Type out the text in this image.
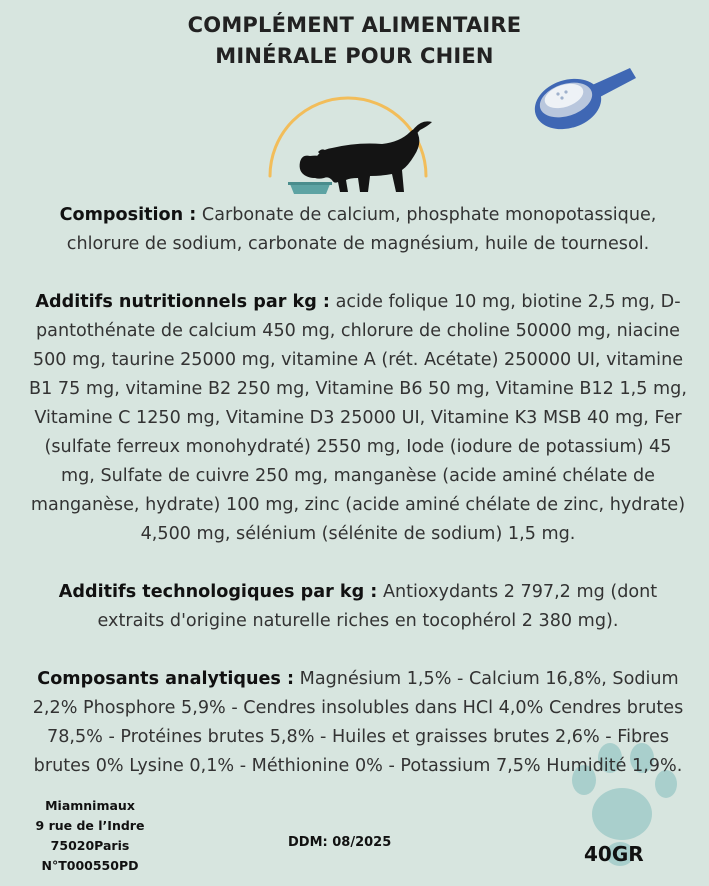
COMPLÉMENT ALIMENTAIRE
MINÉRALE POUR CHIEN

Composition : Carbonate de calcium, phosphate monopotassique, chlorure de sodium, carbonate de magnésium, huile de tournesol.

Additifs nutritionnels par kg : acide folique 10 mg, biotine 2,5 mg, D-pantothénate de calcium 450 mg, chlorure de choline 50000 mg, niacine 500 mg, taurine 25000 mg, vitamine A (rét. Acétate) 250000 UI, vitamine B1 75 mg, vitamine B2 250 mg, Vitamine B6 50 mg, Vitamine B12 1,5 mg, Vitamine C 1250 mg, Vitamine D3 25000 UI, Vitamine K3 MSB 40 mg, Fer (sulfate ferreux monohydraté) 2550 mg, Iode (iodure de potassium) 45 mg, Sulfate de cuivre 250 mg, manganèse (acide aminé chélate de manganèse, hydrate) 100 mg, zinc (acide aminé chélate de zinc, hydrate) 4,500 mg, sélénium (sélénite de sodium) 1,5 mg.

Additifs technologiques par kg : Antioxydants 2 797,2 mg (dont extraits d'origine naturelle riches en tocophérol 2 380 mg).

Composants analytiques : Magnésium 1,5% - Calcium 16,8%, Sodium 2,2% Phosphore 5,9% - Cendres insolubles dans HCl 4,0% Cendres brutes 78,5% - Protéines brutes 5,8% - Huiles et graisses brutes 2,6% - Fibres brutes 0% Lysine 0,1% - Méthionine 0% - Potassium 7,5% Humidité 1,9%.

Miamnimaux
9 rue de l’Indre
75020Paris
N°T000550PD
DDM: 08/2025	40GR
